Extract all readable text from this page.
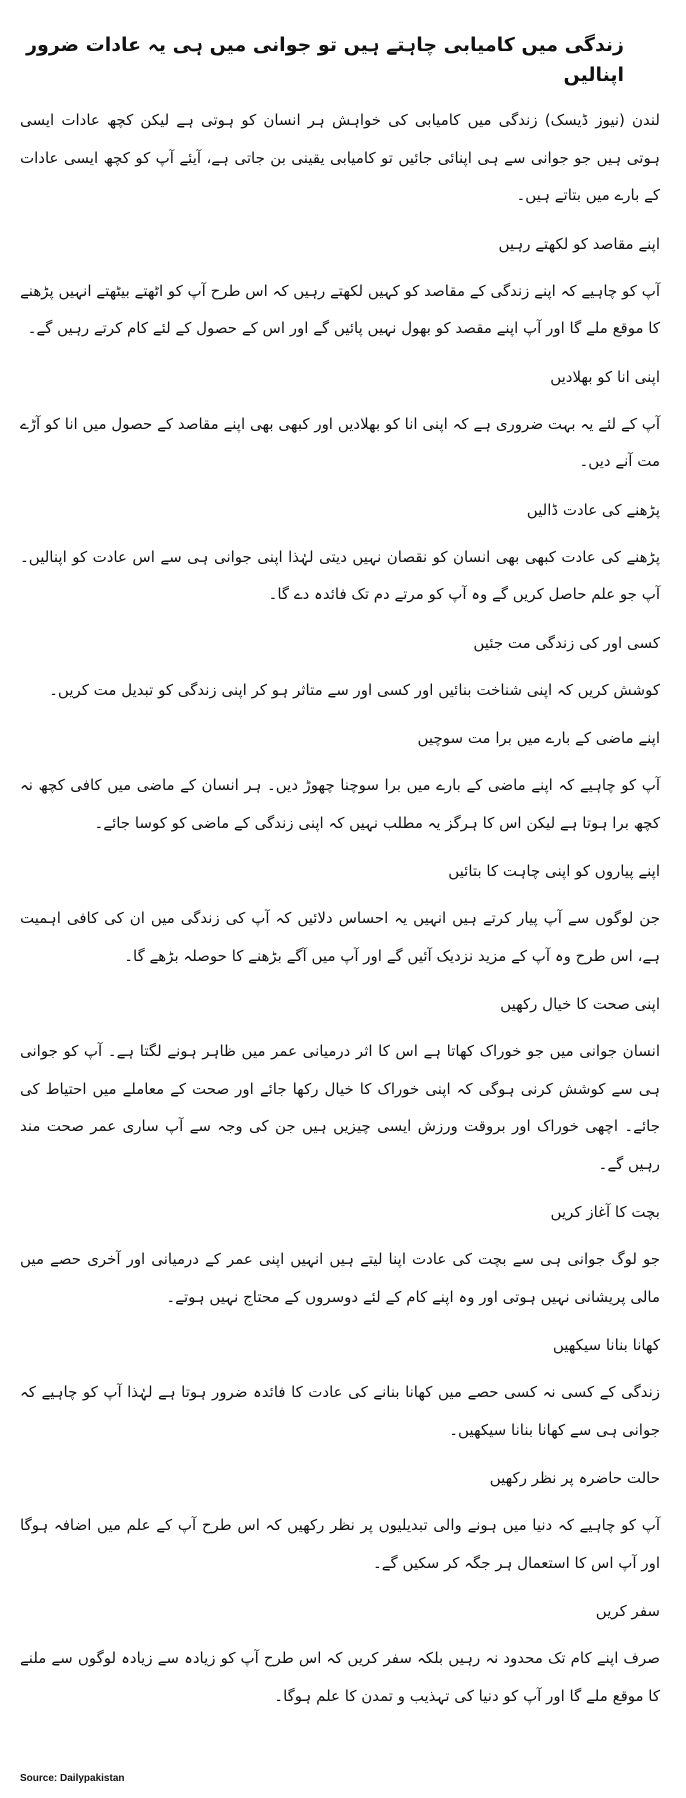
زندگی میں کامیابی چاہتے ہیں تو جوانی میں ہی یہ عادات ضرور اپنالیں

لندن (نیوز ڈیسک) زندگی میں کامیابی کی خواہش ہر انسان کو ہوتی ہے لیکن کچھ عادات ایسی ہوتی ہیں جو جوانی سے ہی اپنائی جائیں تو کامیابی یقینی بن جاتی ہے، آیئے آپ کو کچھ ایسی عادات کے بارے میں بتاتے ہیں۔

اپنے مقاصد کو لکھتے رہیں

آپ کو چاہیے کہ اپنے زندگی کے مقاصد کو کہیں لکھتے رہیں کہ اس طرح آپ کو اٹھتے بیٹھتے انہیں پڑھنے کا موقع ملے گا اور آپ اپنے مقصد کو بھول نہیں پائیں گے اور اس کے حصول کے لئے کام کرتے رہیں گے۔

اپنی انا کو بھلادیں

آپ کے لئے یہ بہت ضروری ہے کہ اپنی انا کو بھلادیں اور کبھی بھی اپنے مقاصد کے حصول میں انا کو آڑے مت آنے دیں۔

پڑھنے کی عادت ڈالیں

پڑھنے کی عادت کبھی بھی انسان کو نقصان نہیں دیتی لہٰذا اپنی جوانی ہی سے اس عادت کو اپنالیں۔ آپ جو علم حاصل کریں گے وہ آپ کو مرتے دم تک فائدہ دے گا۔

کسی اور کی زندگی مت جئیں

کوشش کریں کہ اپنی شناخت بنائیں اور کسی اور سے متاثر ہو کر اپنی زندگی کو تبدیل مت کریں۔

اپنے ماضی کے بارے میں برا مت سوچیں

آپ کو چاہیے کہ اپنے ماضی کے بارے میں برا سوچنا چھوڑ دیں۔ ہر انسان کے ماضی میں کافی کچھ نہ کچھ برا ہوتا ہے لیکن اس کا ہرگز یہ مطلب نہیں کہ اپنی زندگی کے ماضی کو کوسا جائے۔

اپنے پیاروں کو اپنی چاہت کا بتائیں

جن لوگوں سے آپ پیار کرتے ہیں انہیں یہ احساس دلائیں کہ آپ کی زندگی میں ان کی کافی اہمیت ہے، اس طرح وہ آپ کے مزید نزدیک آئیں گے اور آپ میں آگے بڑھنے کا حوصلہ بڑھے گا۔

اپنی صحت کا خیال رکھیں

انسان جوانی میں جو خوراک کھاتا ہے اس کا اثر درمیانی عمر میں ظاہر ہونے لگتا ہے۔ آپ کو جوانی ہی سے کوشش کرنی ہوگی کہ اپنی خوراک کا خیال رکھا جائے اور صحت کے معاملے میں احتیاط کی جائے۔ اچھی خوراک اور بروقت ورزش ایسی چیزیں ہیں جن کی وجہ سے آپ ساری عمر صحت مند رہیں گے۔

بچت کا آغاز کریں

جو لوگ جوانی ہی سے بچت کی عادت اپنا لیتے ہیں انہیں اپنی عمر کے درمیانی اور آخری حصے میں مالی پریشانی نہیں ہوتی اور وہ اپنے کام کے لئے دوسروں کے محتاج نہیں ہوتے۔

کھانا بنانا سیکھیں

زندگی کے کسی نہ کسی حصے میں کھانا بنانے کی عادت کا فائدہ ضرور ہوتا ہے لہٰذا آپ کو چاہیے کہ جوانی ہی سے کھانا بنانا سیکھیں۔

حالت حاضرہ پر نظر رکھیں

آپ کو چاہیے کہ دنیا میں ہونے والی تبدیلیوں پر نظر رکھیں کہ اس طرح آپ کے علم میں اضافہ ہوگا اور آپ اس کا استعمال ہر جگہ کر سکیں گے۔

سفر کریں

صرف اپنے کام تک محدود نہ رہیں بلکہ سفر کریں کہ اس طرح آپ کو زیادہ سے زیادہ لوگوں سے ملنے کا موقع ملے گا اور آپ کو دنیا کی تہذیب و تمدن کا علم ہوگا۔

Source: Dailypakistan
